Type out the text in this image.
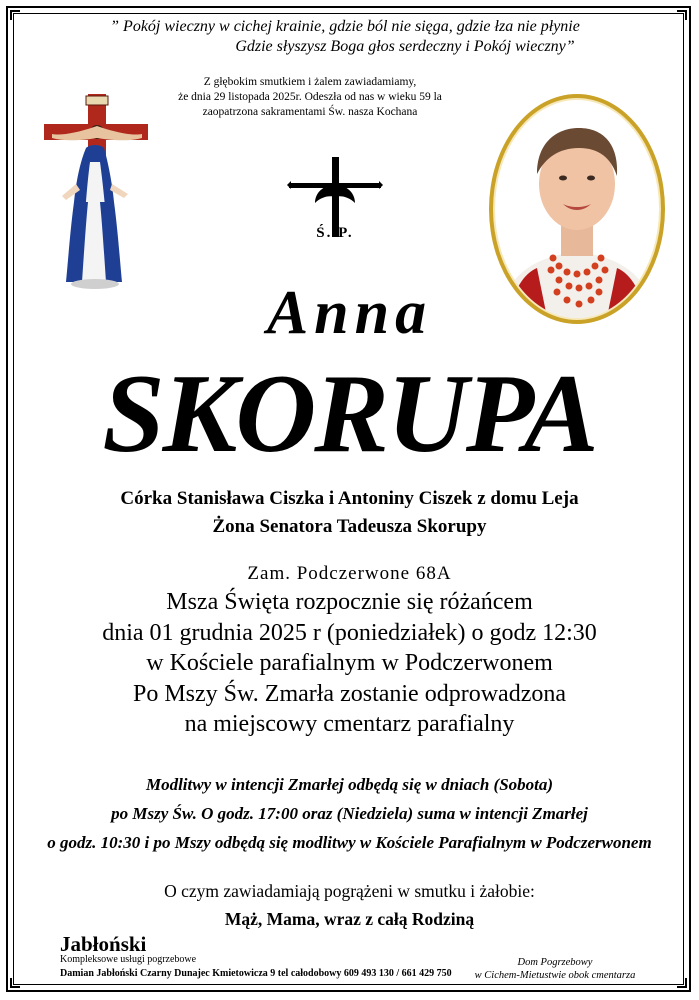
” Pokój wieczny w cichej krainie, gdzie ból nie sięga, gdzie łza nie płynie
Gdzie słyszysz Boga głos serdeczny i Pokój wieczny”
Z głębokim smutkiem i żalem zawiadamiamy,
że dnia 29 listopada 2025r. Odeszła od nas w wieku 59 la
zaopatrzona sakramentami Św. nasza Kochana
Ś. P.
Anna
SKORUPA
Córka Stanisława Ciszka i Antoniny Ciszek z domu Leja
Żona Senatora Tadeusza Skorupy
Zam. Podczerwone 68A
Msza Święta rozpocznie się różańcem
dnia 01 grudnia 2025 r (poniedziałek) o godz 12:30
w Kościele parafialnym w Podczerwonem
Po Mszy Św. Zmarła zostanie odprowadzona
na miejscowy cmentarz parafialny
Modlitwy w intencji Zmarłej odbędą się w dniach (Sobota)
po Mszy Św. O godz. 17:00 oraz (Niedziela) suma w intencji Zmarłej
o godz. 10:30 i po Mszy odbędą się modlitwy w Kościele Parafialnym w Podczerwonem
O czym zawiadamiają pogrążeni w smutku i żałobie:
Mąż, Mama, wraz z całą Rodziną
Jabłoński
Kompleksowe usługi pogrzebowe
Damian Jabłoński Czarny Dunajec Kmietowicza 9 tel całodobowy 609 493 130 / 661 429 750
Dom Pogrzebowy
w Cichem-Mietustwie obok cmentarza
